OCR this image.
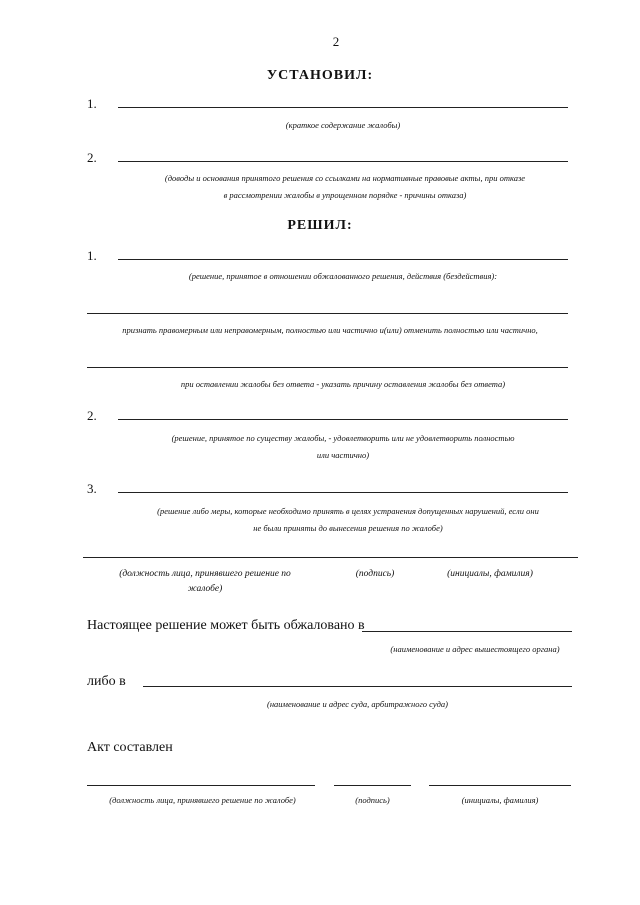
2
УСТАНОВИЛ:
1.
(краткое содержание жалобы)
2.
(доводы и основания принятого решения со ссылками на нормативные правовые акты, при отказе
в рассмотрении жалобы в упрощенном порядке - причины отказа)
РЕШИЛ:
1.
(решение, принятое в отношении обжалованного решения, действия (бездействия):
признать правомерным или неправомерным, полностью или частично и(или) отменить полностью или частично,
при оставлении жалобы без ответа - указать причину оставления жалобы без ответа)
2.
(решение, принятое по существу жалобы, - удовлетворить или не удовлетворить полностью
или частично)
3.
(решение либо меры, которые необходимо принять в целях устранения допущенных нарушений, если они
не были приняты до вынесения решения по жалобе)
(должность лица, принявшего решение по
жалобе)
(подпись)	(инициалы, фамилия)
Настоящее решение может быть обжаловано в
(наименование и адрес вышестоящего органа)
либо в
(наименование и адрес суда, арбитражного суда)
Акт составлен
(должность лица, принявшего решение по жалобе)	(подпись)	(инициалы, фамилия)
